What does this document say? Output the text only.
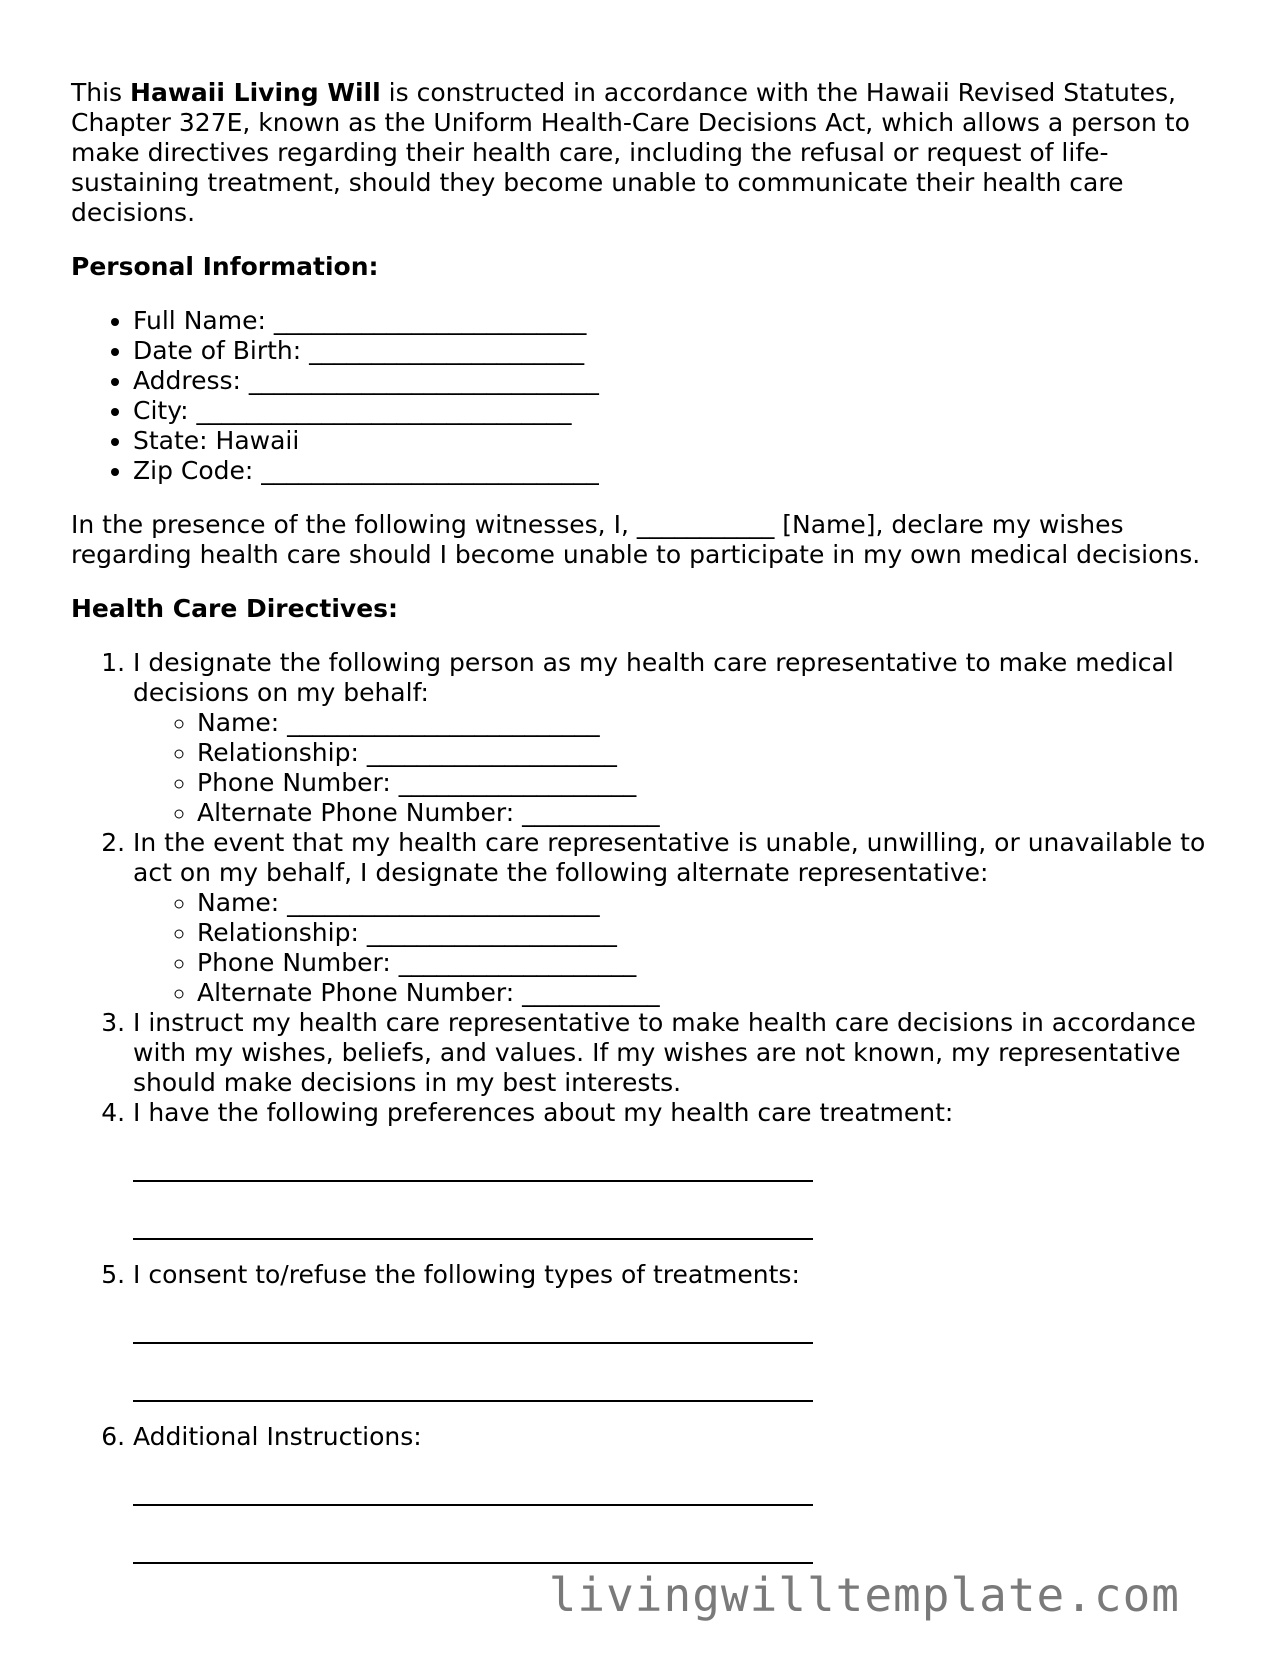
This Hawaii Living Will is constructed in accordance with the Hawaii Revised Statutes, Chapter 327E, known as the Uniform Health-Care Decisions Act, which allows a person to make directives regarding their health care, including the refusal or request of life-sustaining treatment, should they become unable to communicate their health care decisions.

Personal Information:
• Full Name: _________________________
• Date of Birth: ______________________
• Address: ____________________________
• City: ______________________________
• State: Hawaii
• Zip Code: ___________________________

In the presence of the following witnesses, I, ___________ [Name], declare my wishes regarding health care should I become unable to participate in my own medical decisions.

Health Care Directives:
1. I designate the following person as my health care representative to make medical decisions on my behalf:
◦ Name: _________________________
◦ Relationship: ____________________
◦ Phone Number: ___________________
◦ Alternate Phone Number: ___________
2. In the event that my health care representative is unable, unwilling, or unavailable to act on my behalf, I designate the following alternate representative:
◦ Name: _________________________
◦ Relationship: ____________________
◦ Phone Number: ___________________
◦ Alternate Phone Number: ___________
3. I instruct my health care representative to make health care decisions in accordance with my wishes, beliefs, and values. If my wishes are not known, my representative should make decisions in my best interests.
4. I have the following preferences about my health care treatment:
5. I consent to/refuse the following types of treatments:
6. Additional Instructions:
livingwilltemplate.com
